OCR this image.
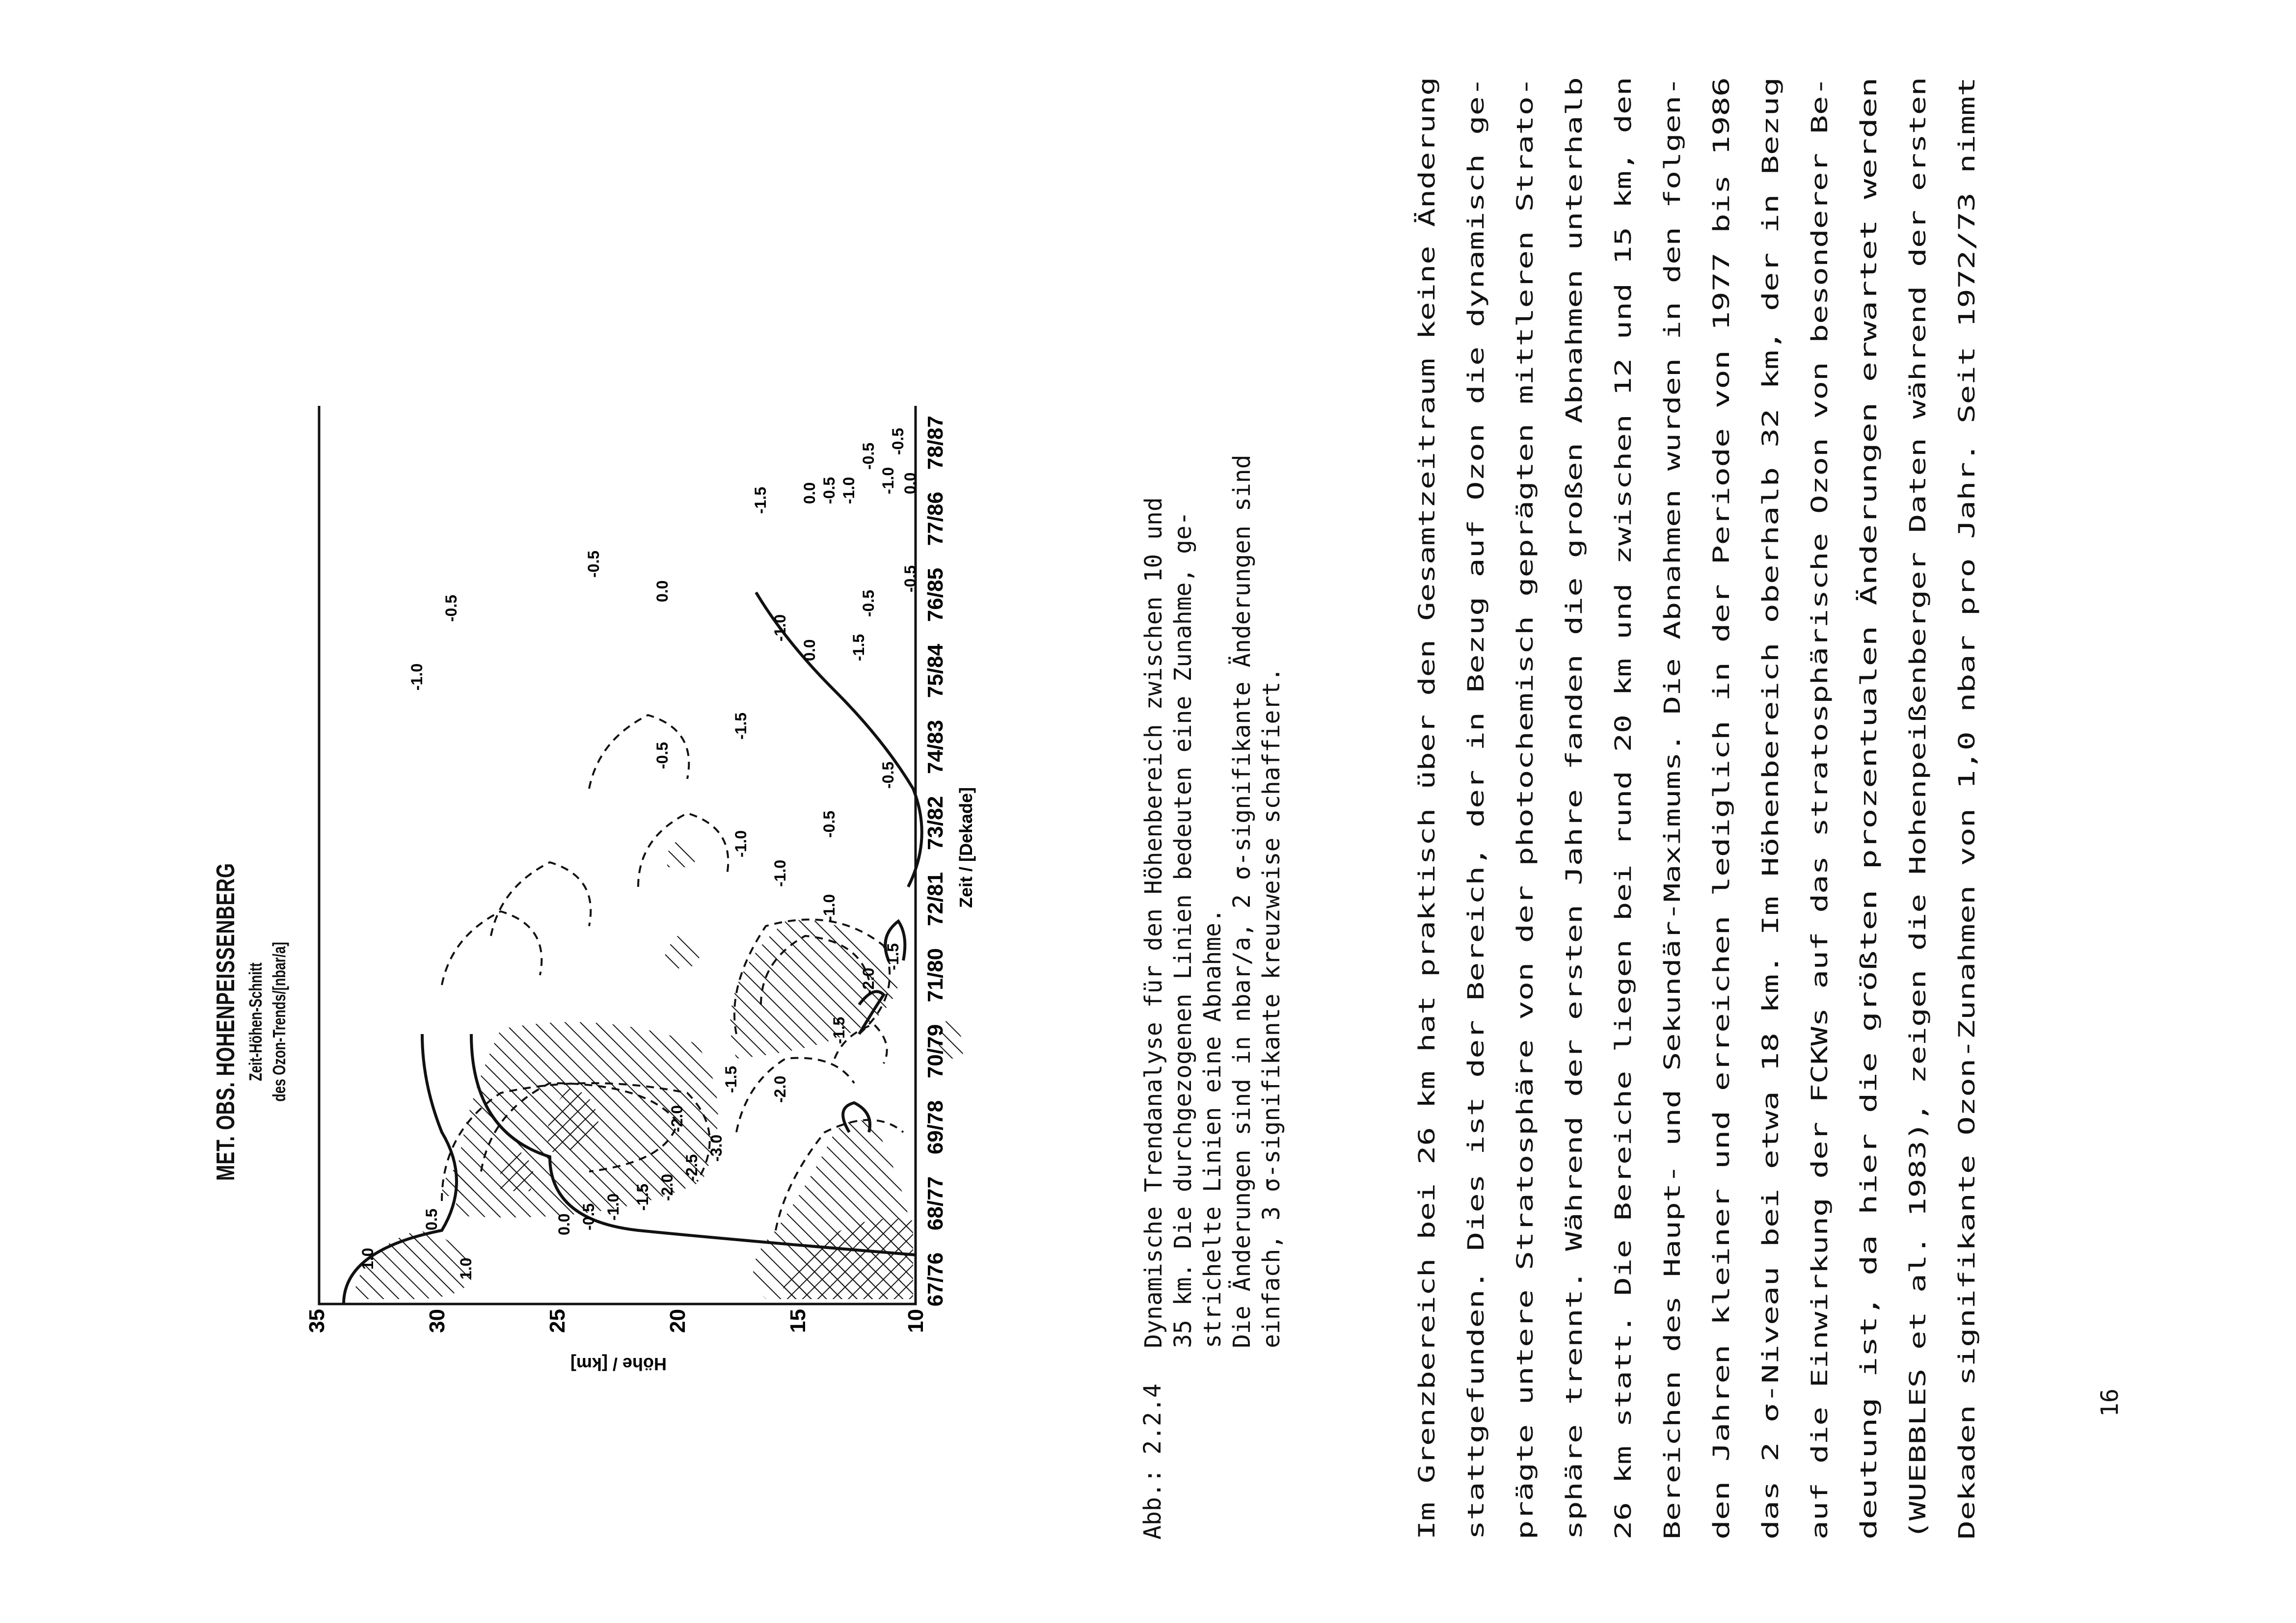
MET. OBS. HOHENPEISSENBERG Zeit-Höhen-Schnitt des Ozon-Trends/[nbar/a]
35	30	25	20	15	10
Höhe / [km]
67/76
68/77
69/78
70/79
71/80
72/81
73/82
74/83
75/84
76/85
77/86
78/87
Zeit / [Dekade]
1.0
0.5
1.0
0.0 -0.5 -1.0 -1.5 -2.0
-2.5
-3.0
-2.0
-1.5 -2.0
-1.5
-2.0
-1.5
-1.0
-1.0
-1.0
-0.5
-0.5
-0.5
-1.5
-1.0
-0.5
0.0
-0.5
0.0 -1.5
-1.0
-0.5
0.0 -0.5 -1.0
-1.5
-1.0
-0.5
-0.5
0.0
-0.5
Abb.: 2.2.4
Dynamische Trendanalyse für den Höhenbereich zwischen 10 und 35 km. Die durchgezogenen Linien bedeuten eine Zunahme, ge- strichelte Linien eine Abnahme. Die Änderungen sind in nbar/a, 2 σ-signifikante Änderungen sind einfach, 3 σ-signifikante kreuzweise schaffiert.	Im Grenzbereich bei 26 km hat praktisch über den Gesamtzeitraum keine Änderung stattgefunden. Dies ist der Bereich, der in Bezug auf Ozon die dynamisch ge- prägte untere Stratosphäre von der photochemisch geprägten mittleren Strato- sphäre trennt. Während der ersten Jahre fanden die großen Abnahmen unterhalb 26 km statt. Die Bereiche liegen bei rund 20 km und zwischen 12 und 15 km, den Bereichen des Haupt- und Sekundär-Maximums. Die Abnahmen wurden in den folgen- den Jahren kleiner und erreichen lediglich in der Periode von 1977 bis 1986 das 2 σ-Niveau bei etwa 18 km. Im Höhenbereich oberhalb 32 km, der in Bezug auf die Einwirkung der FCKWs auf das stratosphärische Ozon von besonderer Be- deutung ist, da hier die größten prozentualen Änderungen erwartet werden (WUEBBLES et al. 1983), zeigen die Hohenpeißenberger Daten während der ersten Dekaden signifikante Ozon-Zunahmen von 1,0 nbar pro Jahr. Seit 1972/73 nimmt	16
